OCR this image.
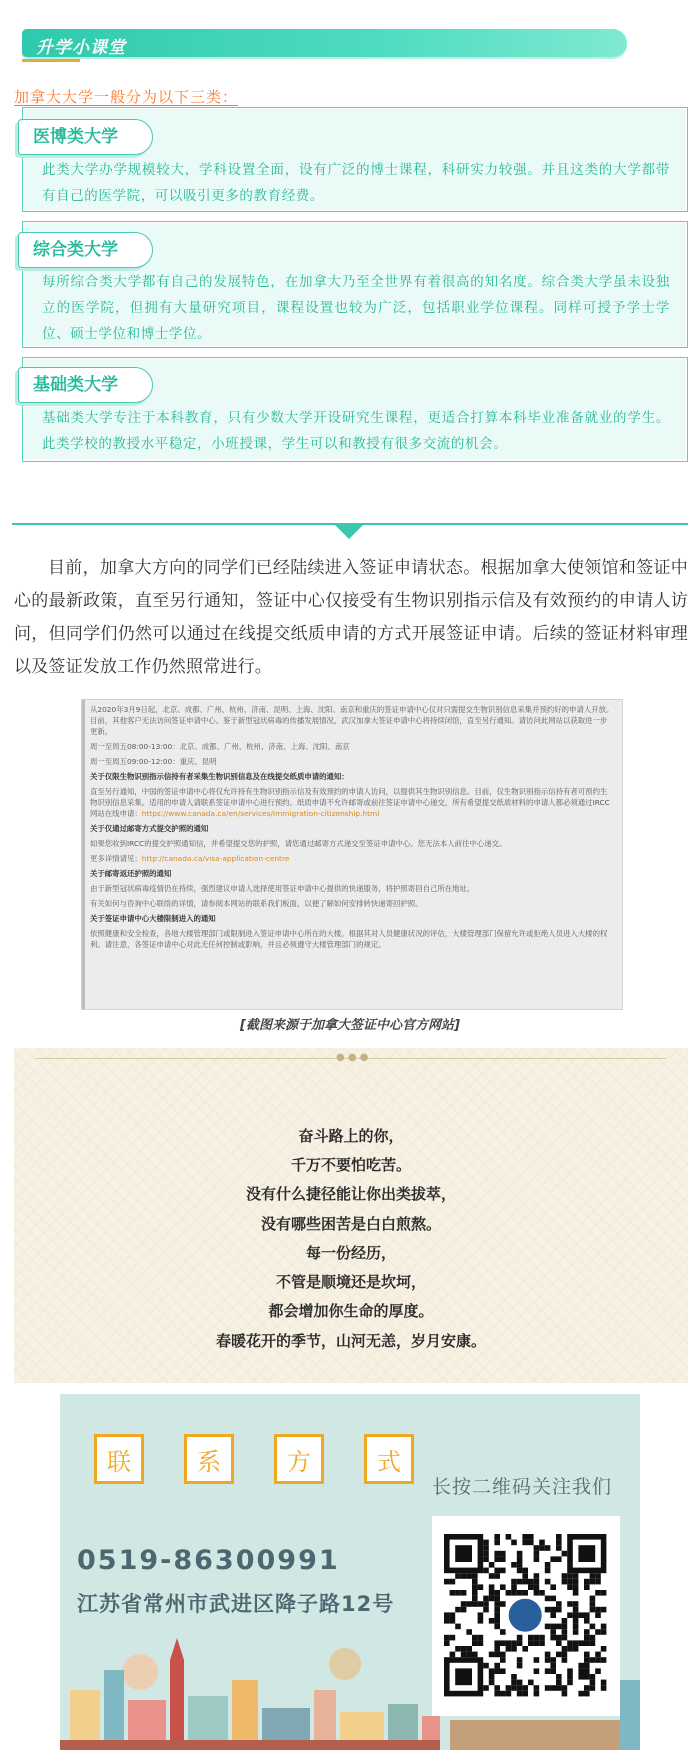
升学小课堂
加拿大大学一般分为以下三类：
医博类大学
此类大学办学规模较大，学科设置全面，设有广泛的博士课程，科研实力较强。并且这类的大学都带有自己的医学院，可以吸引更多的教育经费。
综合类大学
每所综合类大学都有自己的发展特色，在加拿大乃至全世界有着很高的知名度。综合类大学虽未设独立的医学院，但拥有大量研究项目，课程设置也较为广泛，包括职业学位课程。同样可授予学士学位、硕士学位和博士学位。
基础类大学
基础类大学专注于本科教育，只有少数大学开设研究生课程，更适合打算本科毕业准备就业的学生。此类学校的教授水平稳定，小班授课，学生可以和教授有很多交流的机会。
目前，加拿大方向的同学们已经陆续进入签证申请状态。根据加拿大使领馆和签证中心的最新政策，直至另行通知，签证中心仅接受有生物识别指示信及有效预约的申请人访问，但同学们仍然可以通过在线提交纸质申请的方式开展签证申请。后续的签证材料审理以及签证发放工作仍然照常进行。

从2020年3月9日起，北京、成都、广州、杭州、济南、昆明、上海、沈阳、南京和重庆的签证申请中心仅对只需提交生物识别信息采集并预约好的申请人开放。目前，其他客户无法访问签证申请中心。鉴于新型冠状病毒的传播发展情况，武汉加拿大签证申请中心将持续闭馆，直至另行通知。请访问此网站以获取进一步更新。

周一至周五08:00-13:00：北京、成都、广州、杭州、济南、上海、沈阳、南京

周一至周五09:00-12:00：重庆、昆明

关于仅限生物识别指示信持有者采集生物识别信息及在线提交纸质申请的通知：

直至另行通知，中国的签证申请中心将仅允许持有生物识别指示信及有效预约的申请人访问，以提供其生物识别信息。目前，仅生物识别指示信持有者可预约生物识别信息采集。适用的申请人请联系签证申请中心进行预约。纸质申请不允许邮寄或前往签证申请中心递交，所有希望提交纸质材料的申请人都必须通过IRCC网站在线申请：https://www.canada.ca/en/services/immigration-citizenship.html

关于仅通过邮寄方式提交护照的通知

如果您收到IRCC的提交护照通知信，并希望提交您的护照，请您通过邮寄方式递交至签证申请中心。您无法本人前往中心递交。

更多详情请见：http://canada.ca/visa-application-centre

关于邮寄返还护照的通知

由于新型冠状病毒疫情仍在持续，强烈建议申请人选择使用签证申请中心提供的快递服务，将护照寄回自己所在地址。

有关如何与咨询中心联络的详情，请参阅本网站的联系我们板面，以便了解如何安排转快递寄回护照。

关于签证申请中心大楼限制进入的通知

依照健康和安全检查，各地大楼管理部门或限制进入签证申请中心所在的大楼。根据其对人员健康状况的评估，大楼管理部门保留允许或拒绝人员进入大楼的权利。请注意，各签证申请中心对此无任何控制或影响，并且必须遵守大楼管理部门的规定。

[截图来源于加拿大签证中心官方网站]
● ● ●
奋斗路上的你，
千万不要怕吃苦。
没有什么捷径能让你出类拔萃，
没有哪些困苦是白白煎熬。
每一份经历，
不管是顺境还是坎坷，
都会增加你生命的厚度。
春暖花开的季节，山河无恙，岁月安康。
联	系	方	式
长按二维码关注我们
0519-86300991
江苏省常州市武进区降子路12号
